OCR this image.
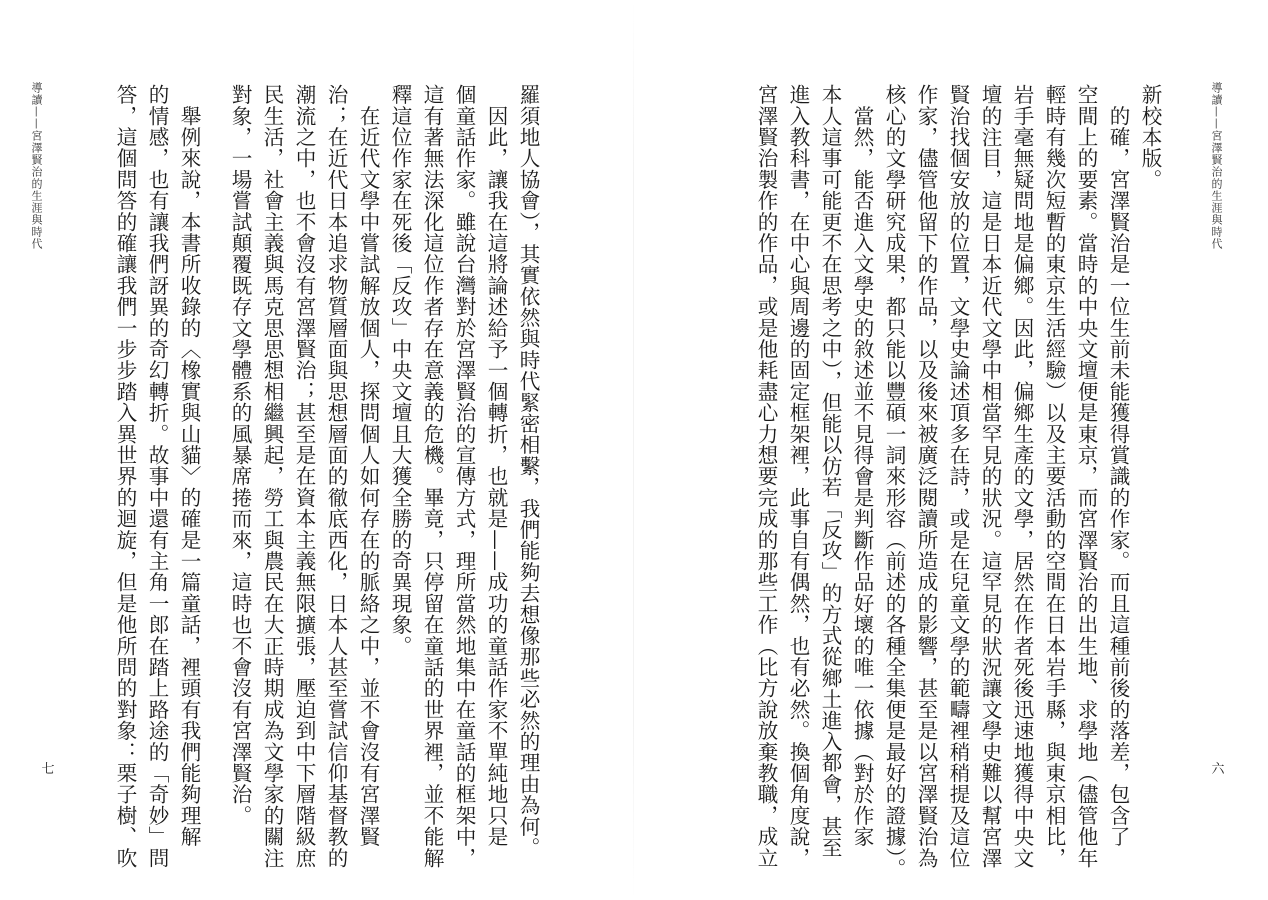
導讀——宮澤賢治的生涯與時代
七	羅須地人協會），其實依然與時代緊密相繫，我們能夠去想像那些必然的理由為何。
　因此，讓我在這將論述給予一個轉折，也就是——成功的童話作家不單純地只是
個童話作家。雖說台灣對於宮澤賢治的宣傳方式，理所當然地集中在童話的框架中，
這有著無法深化這位作者存在意義的危機。畢竟，只停留在童話的世界裡，並不能解
釋這位作家在死後「反攻」中央文壇且大獲全勝的奇異現象。
　在近代文學中嘗試解放個人，探問個人如何存在的脈絡之中，並不會沒有宮澤賢
治；在近代日本追求物質層面與思想層面的徹底西化，日本人甚至嘗試信仰基督教的
潮流之中，也不會沒有宮澤賢治；甚至是在資本主義無限擴張，壓迫到中下層階級庶
民生活，社會主義與馬克思思想相繼興起，勞工與農民在大正時期成為文學家的關注
對象，一場嘗試顛覆既存文學體系的風暴席捲而來，這時也不會沒有宮澤賢治。
　舉例來說，本書所收錄的〈橡實與山貓〉的確是一篇童話，裡頭有我們能夠理解
的情感，也有讓我們訝異的奇幻轉折。故事中還有主角一郎在踏上路途的「奇妙」問
答，這個問答的確讓我們一步步踏入異世界的迴旋，但是他所問的對象：栗子樹、吹	導讀——宮澤賢治的生涯與時代
六
新校本版。
　的確，宮澤賢治是一位生前未能獲得賞識的作家。而且這種前後的落差，包含了
空間上的要素。當時的中央文壇便是東京，而宮澤賢治的出生地、求學地（儘管他年
輕時有幾次短暫的東京生活經驗）以及主要活動的空間在日本岩手縣，與東京相比，
岩手毫無疑問地是偏鄉。因此，偏鄉生產的文學，居然在作者死後迅速地獲得中央文
壇的注目，這是日本近代文學中相當罕見的狀況。這罕見的狀況讓文學史難以幫宮澤
賢治找個安放的位置，文學史論述頂多在詩，或是在兒童文學的範疇裡稍稍提及這位
作家，儘管他留下的作品，以及後來被廣泛閱讀所造成的影響，甚至是以宮澤賢治為
核心的文學研究成果，都只能以豐碩一詞來形容（前述的各種全集便是最好的證據）。
　當然，能否進入文學史的敘述並不見得會是判斷作品好壞的唯一依據（對於作家
本人這事可能更不在思考之中），但能以仿若「反攻」的方式從鄉土進入都會，甚至
進入教科書，在中心與周邊的固定框架裡，此事自有偶然，也有必然。換個角度說，
宮澤賢治製作的作品，或是他耗盡心力想要完成的那些工作（比方說放棄教職，成立
